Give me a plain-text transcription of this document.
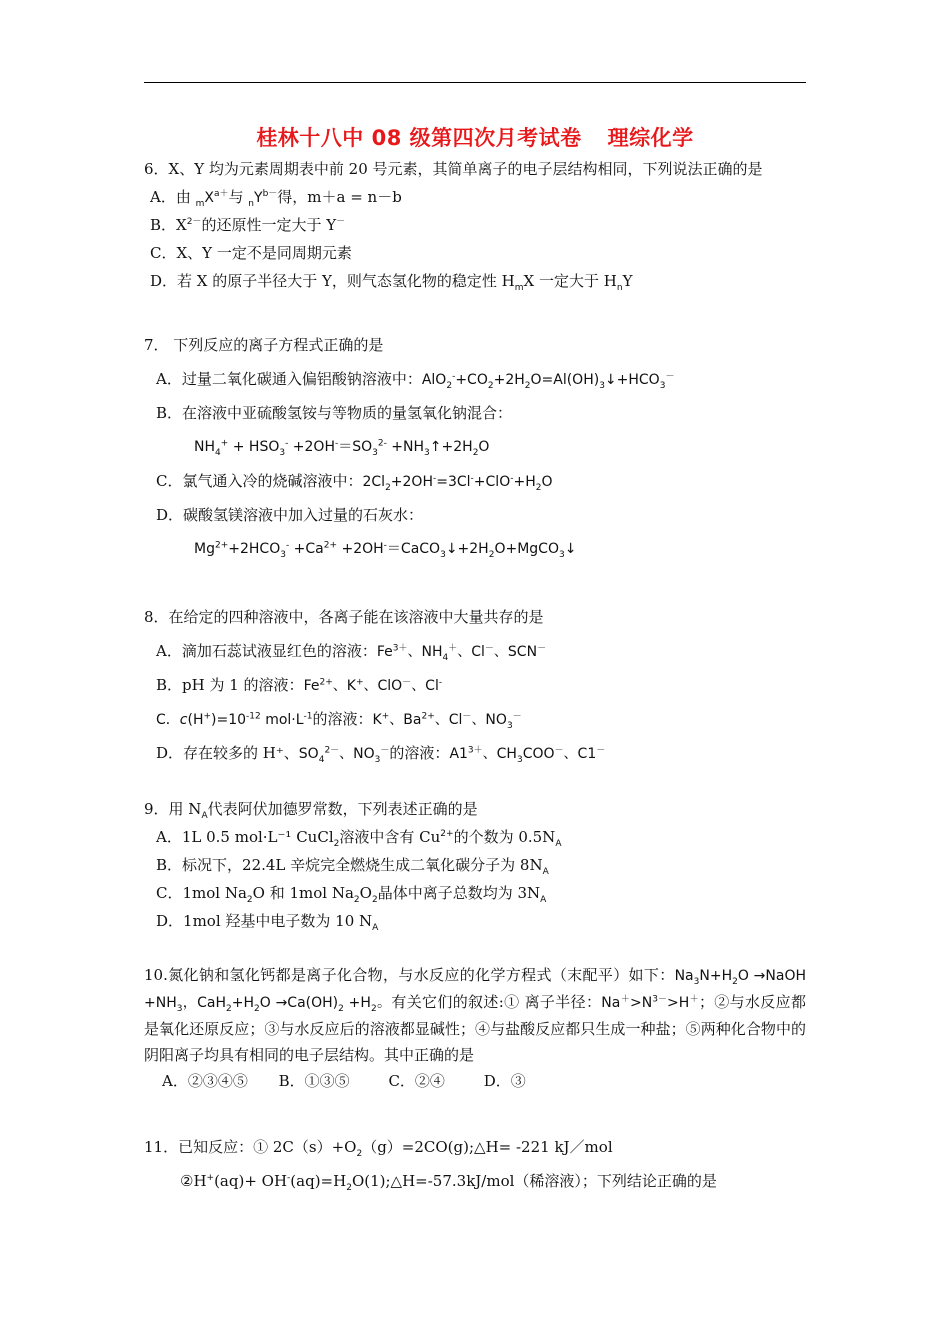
桂林十八中 08 级第四次月考试卷 理综化学
6．X、Y 均为元素周期表中前 20 号元素，其简单离子的电子层结构相同，下列说法正确的是
A．由 $_mX^{a+}$与 $_nY^{b-}$得，m＋a = n－b
B．$X^{2-}$的还原性一定大于 Y－
C．X、Y 一定不是同周期元素
D．若 X 的原子半径大于 Y，则气态氢化物的稳定性 $H_mX$ 一定大于 $H_nY$
7． 下列反应的离子方程式正确的是
A．过量二氧化碳通入偏铝酸钠溶液中：$AlO_2^-+CO_2+2H_2O=Al(OH)_3↓+HCO_3^-$
B．在溶液中亚硫酸氢铵与等物质的量氢氧化钠混合：
$NH_4^+ + HSO_3^- +2OH^-=SO_3^{2-}$ $+NH_3↑+2H_2O$
C．氯气通入冷的烧碱溶液中：$2Cl_2+2OH^-=3Cl^-+ClO^-+H_2O$
D．碳酸氢镁溶液中加入过量的石灰水：
$Mg^{2+}+2HCO_3^- +Ca^{2+}$ $+2OH^-=CaCO_3↓+2H_2O+MgCO_3↓$
8．在给定的四种溶液中，各离子能在该溶液中大量共存的是
A．滴加石蕊试液显红色的溶液：$Fe^{3+}$、$NH_4^+$、Cl－、SCN－
B．pH 为 1 的溶液：$Fe^{2+}$、K+、ClO－、Cl-
C．$c(H^+)=10^{-12}$ $mol\cdot L^{-1}$的溶液：K+、$Ba^{2+}$、Cl－、$NO_3^-$
D．存在较多的 H⁺、$SO_4^{2-}$、$NO_3^-$的溶液：$A1^{3+}$、$CH_3COO^-$、C1－
9．用 $N_A$代表阿伏加德罗常数，下列表述正确的是
A．1L 0.5 mol·L⁻¹ CuCl$_2$溶液中含有 $Cu^{2+}$的个数为 $0.5N_A$
B．标况下，22.4L 辛烷完全燃烧生成二氧化碳分子为 $8N_A$
C．1mol $Na_2O$ 和 1mol $Na_2O_2$晶体中离子总数均为 $3N_A$
D．1mol 羟基中电子数为 10 $N_A$
10.氮化钠和氢化钙都是离子化合物，与水反应的化学方程式（末配平）如下：$Na_3N+H_2O$ →NaOH $+NH_3$，$CaH_2+H_2O \to Ca(OH)_2 +H_2$。有关它们的叙述:① 离子半径：$Na^+>N^{3-}>H^+$；②与水反应都是氧化还原反应；③与水反应后的溶液都显碱性；④与盐酸反应都只生成一种盐；⑤两种化合物中的阴阳离子均具有相同的电子层结构。其中正确的是
A．②③④⑤ B．①③⑤	C．②④	D．③
11．已知反应：① $2C(s)+O_2(g)=2CO(g);\triangle H= -221$ kJ／mol
②H+(aq)+ $OH^-(aq)=H_2O(1);\triangle H=-57.3kJ/mol$（稀溶液）；下列结论正确的是
